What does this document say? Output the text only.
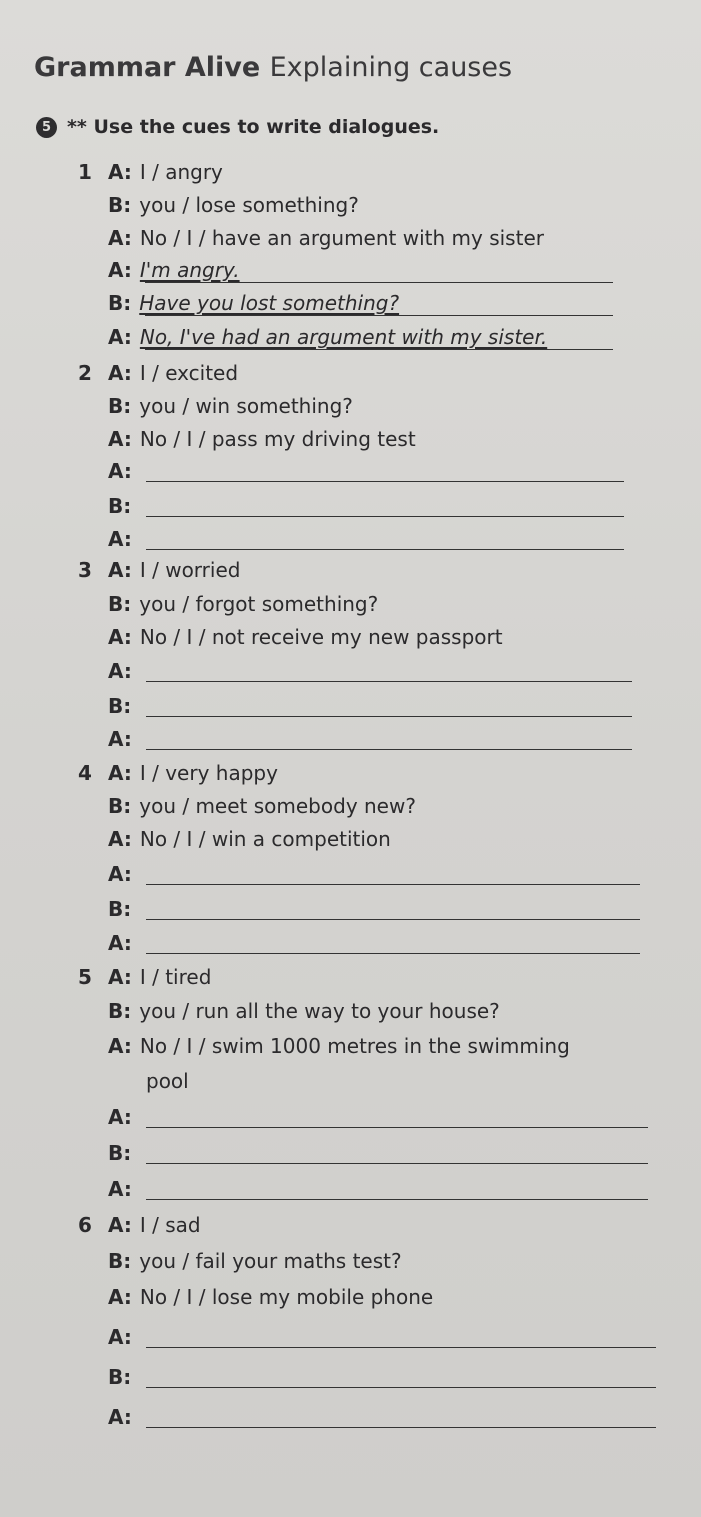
Grammar Alive Explaining causes
5 ** Use the cues to write dialogues.
1 A: I / angry
B: you / lose something?
A: No / I / have an argument with my sister
A: I'm angry.
B: Have you lost something?
A: No, I've had an argument with my sister.
2 A: I / excited
B: you / win something?
A: No / I / pass my driving test
A:
B:
A:
3 A: I / worried
B: you / forgot something?
A: No / I / not receive my new passport
A:
B:
A:
4 A: I / very happy
B: you / meet somebody new?
A: No / I / win a competition
A:
B:
A:
5 A: I / tired
B: you / run all the way to your house?
A: No / I / swim 1000 metres in the swimming
pool
A:
B:
A:
6 A: I / sad
B: you / fail your maths test?
A: No / I / lose my mobile phone
A:
B:
A:
